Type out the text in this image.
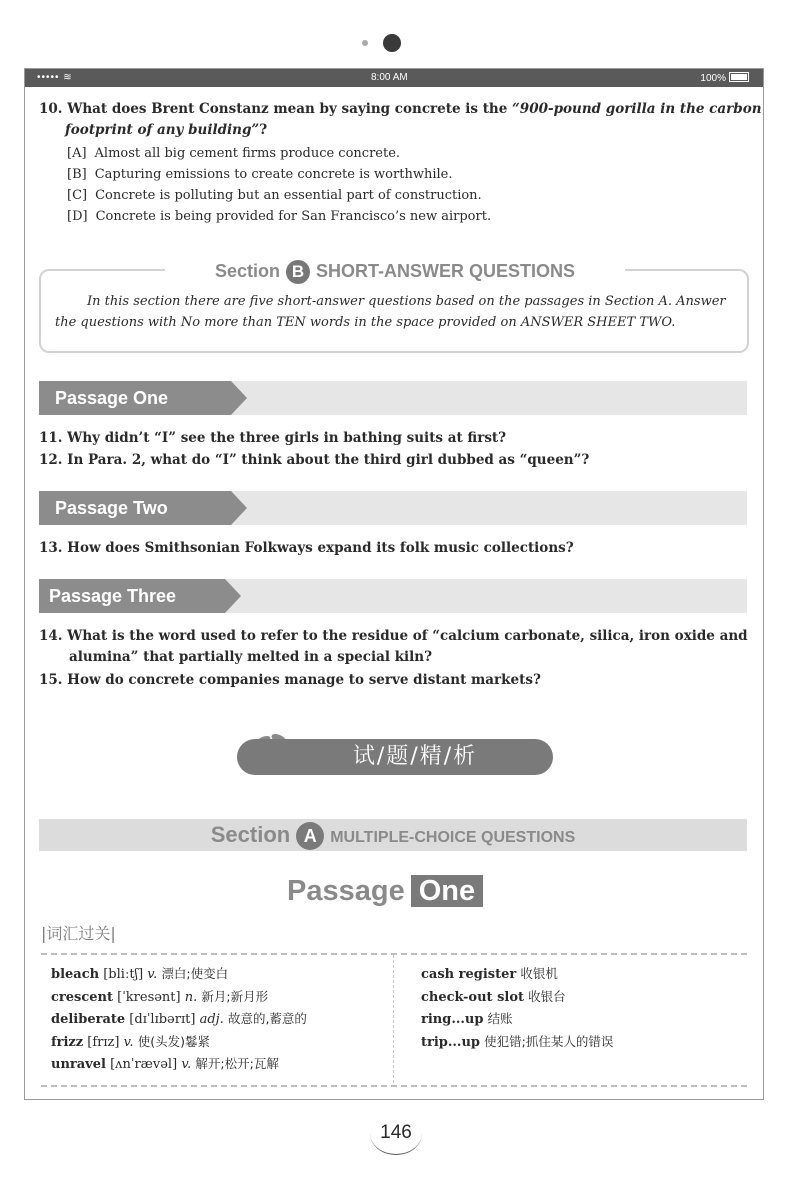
••••• ≋	8:00 AM	100%
10. What does Brent Constanz mean by saying concrete is the “900-pound gorilla in the carbon footprint of any building”?
[A] Almost all big cement firms produce concrete.
[B] Capturing emissions to create concrete is worthwhile.
[C] Concrete is polluting but an essential part of construction.
[D] Concrete is being provided for San Francisco’s new airport.
Section B SHORT-ANSWER QUESTIONS
In this section there are five short-answer questions based on the passages in Section A. Answer the questions with No more than TEN words in the space provided on ANSWER SHEET TWO.
Passage One
11. Why didn’t “I” see the three girls in bathing suits at first?
12. In Para. 2, what do “I” think about the third girl dubbed as “queen”?
Passage Two
13. How does Smithsonian Folkways expand its folk music collections?
Passage Three
14. What is the word used to refer to the residue of “calcium carbonate, silica, iron oxide and alumina” that partially melted in a special kiln?
15. How do concrete companies manage to serve distant markets?
试/题/精/析
Section A MULTIPLE-CHOICE QUESTIONS
Passage One
|词汇过关|
bleach [bliːtʃ] v. 漂白;使变白
crescent [ˈkresənt] n. 新月;新月形
deliberate [dɪˈlɪbərɪt] adj. 故意的,蓄意的
frizz [frɪz] v. 使(头发)鬈紧
unravel [ʌnˈrævəl] v. 解开;松开;瓦解
cash register 收银机
check-out slot 收银台
ring...up 结账
trip...up 使犯错;抓住某人的错误
146
